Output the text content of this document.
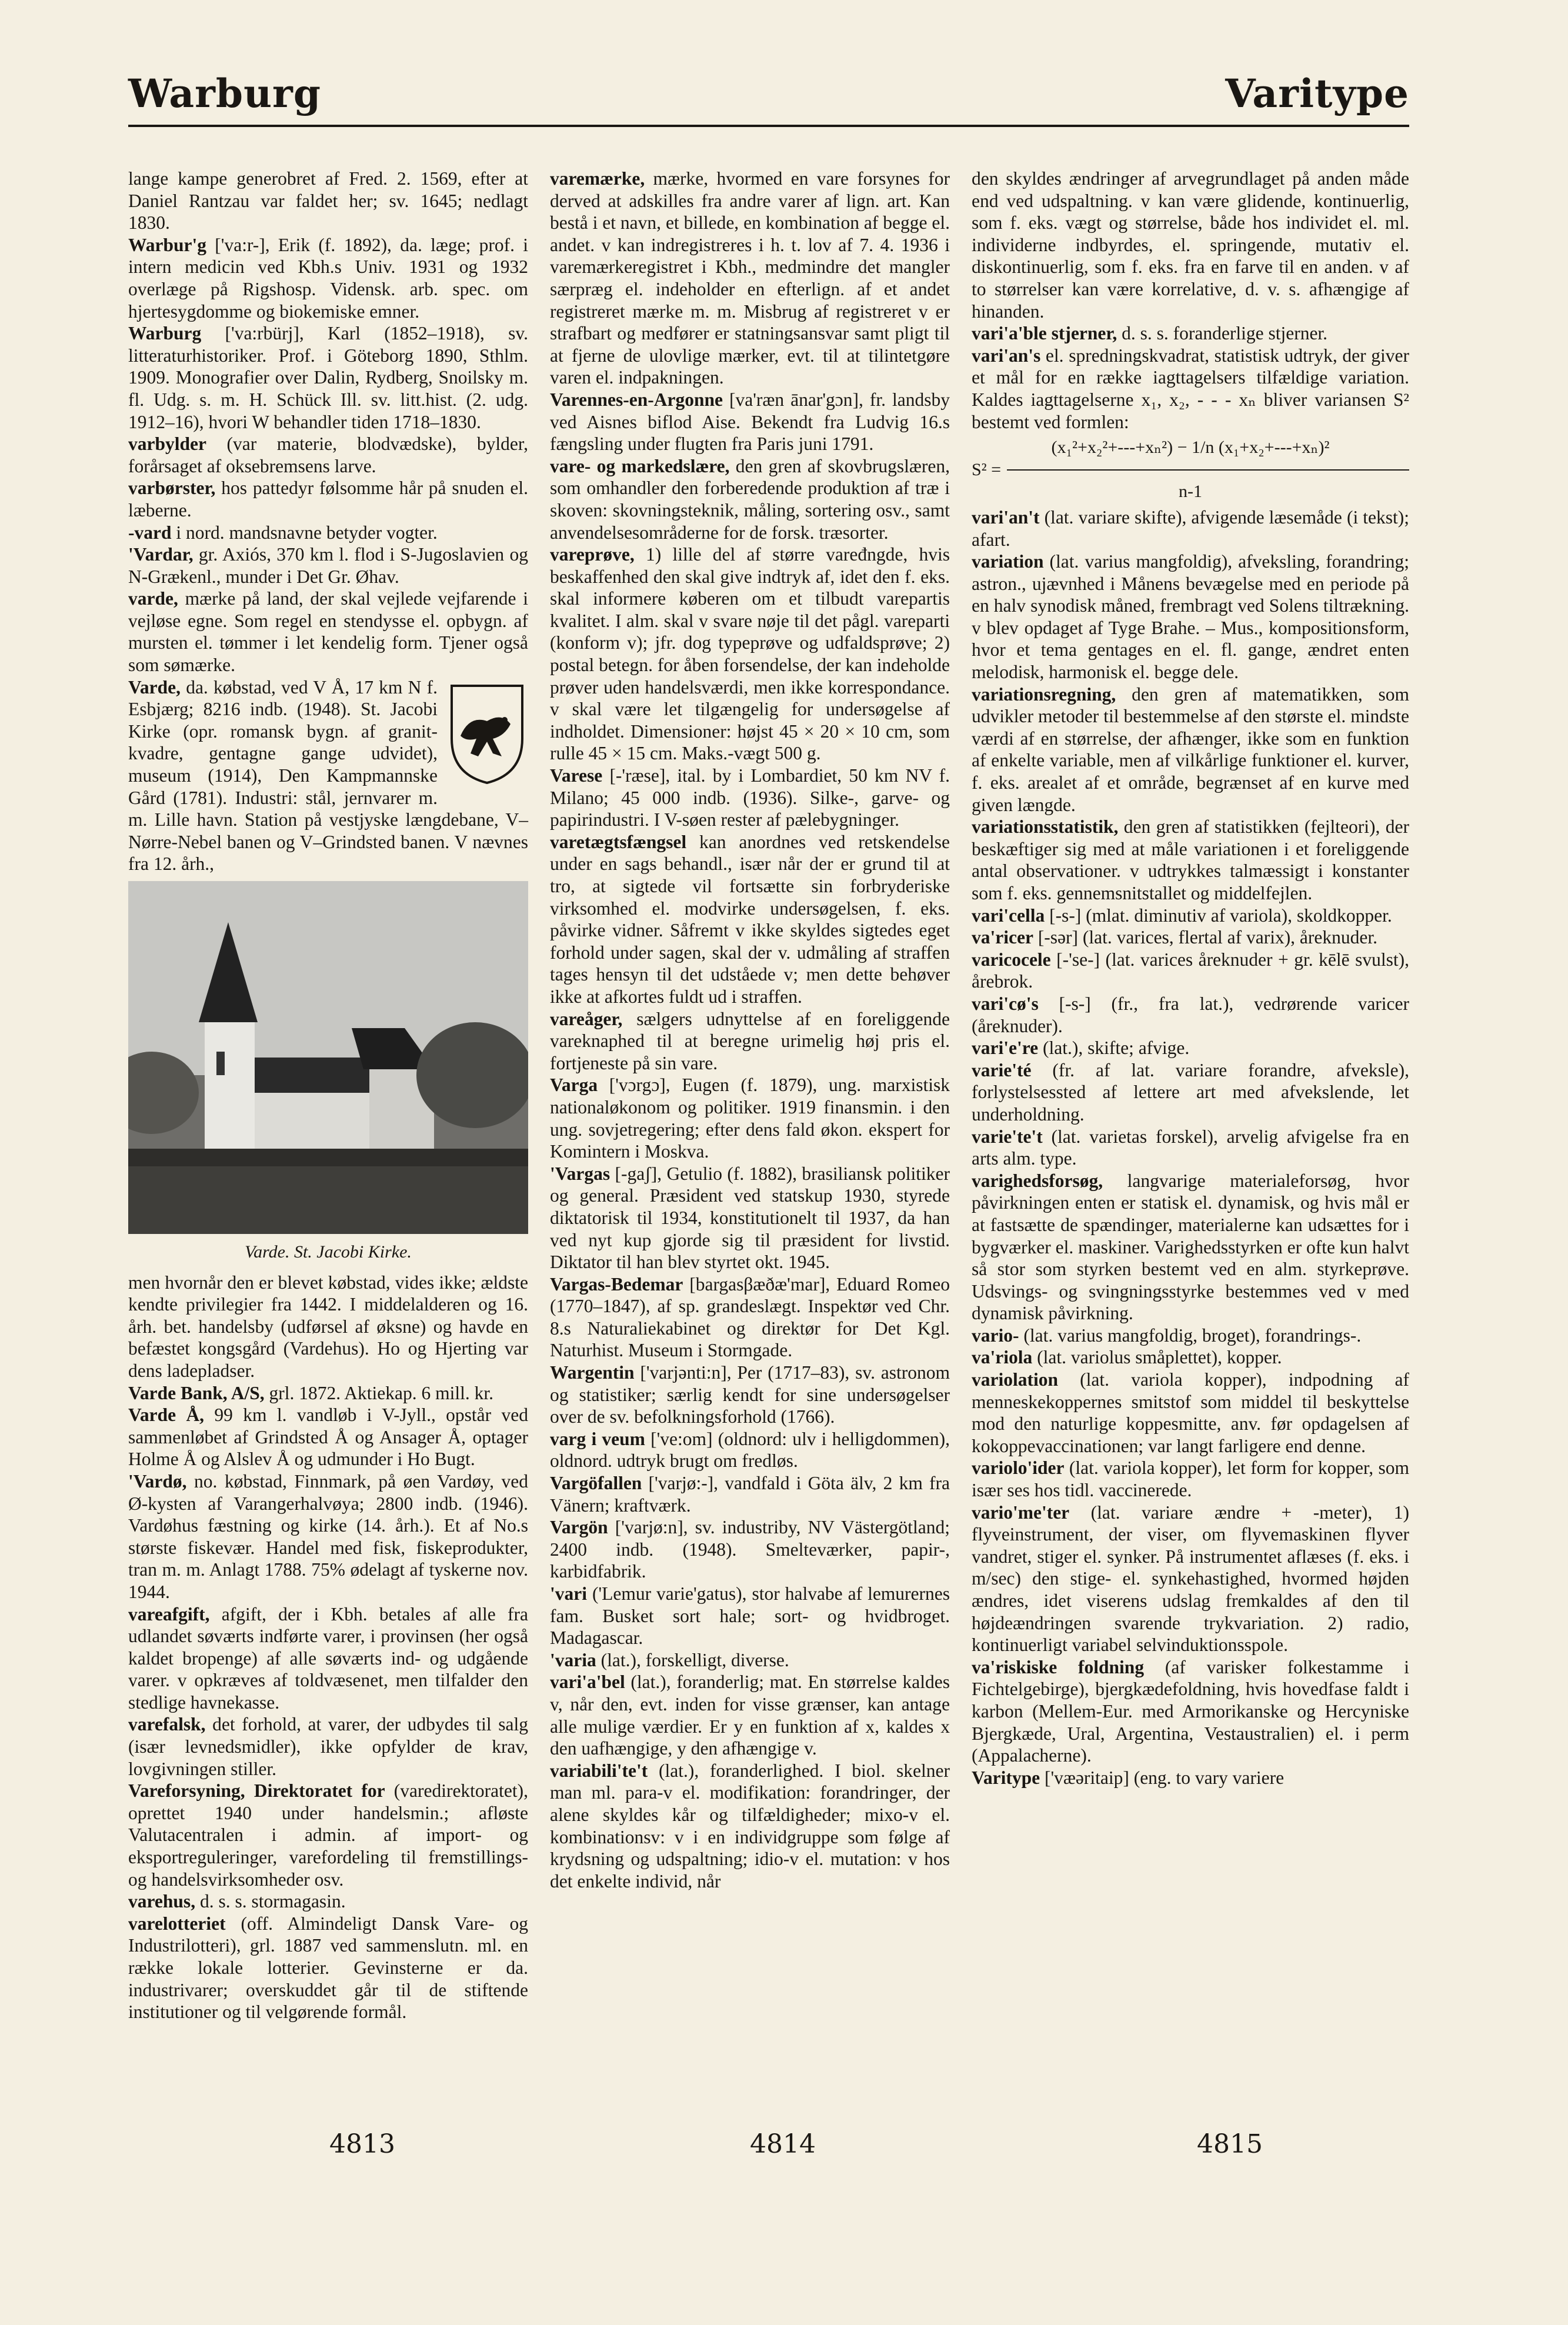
Warburg	Varitype
lange kampe generobret af Fred. 2. 1569, efter at Daniel Rantzau var faldet her; sv. 1645; nedlagt 1830.
Warbur'g ['va:r-], Erik (f. 1892), da. læge; prof. i intern medicin ved Kbh.s Univ. 1931 og 1932 overlæge på Rigshosp. Vidensk. arb. spec. om hjertesygdomme og biokemiske emner.
Warburg ['va:rbürj], Karl (1852–1918), sv. litteraturhistoriker. Prof. i Göteborg 1890, Sthlm. 1909. Monografier over Dalin, Rydberg, Snoilsky m. fl. Udg. s. m. H. Schück Ill. sv. litt.hist. (2. udg. 1912–16), hvori W behandler tiden 1718–1830.
varbylder (var materie, blodvædske), bylder, forårsaget af oksebremsens larve.
varbørster, hos pattedyr følsomme hår på snuden el. læberne.
-vard i nord. mandsnavne betyder vogter.
'Vardar, gr. Axiós, 370 km l. flod i S-Jugoslavien og N-Grækenl., munder i Det Gr. Øhav.
varde, mærke på land, der skal vejlede vejfarende i vejløse egne. Som regel en stendysse el. opbygn. af mursten el. tømmer i let kendelig form. Tjener også som sømærke.
Varde, da. købstad, ved V Å, 17 km N f. Esbjærg; 8216 indb. (1948). St. Jacobi Kirke (opr. romansk bygn. af granit-kvadre, gentagne gange udvidet), museum (1914), Den Kampmannske Gård (1781). Industri: stål, jernvarer m. m. Lille havn. Station på vestjyske længdebane, V–Nørre-Nebel banen og V–Grindsted banen. V nævnes fra 12. årh.,
Varde. St. Jacobi Kirke.
men hvornår den er blevet købstad, vides ikke; ældste kendte privilegier fra 1442. I middelalderen og 16. årh. bet. handelsby (udførsel af øksne) og havde en befæstet kongsgård (Vardehus). Ho og Hjerting var dens ladepladser.
Varde Bank, A/S, grl. 1872. Aktiekap. 6 mill. kr.
Varde Å, 99 km l. vandløb i V-Jyll., opstår ved sammenløbet af Grindsted Å og Ansager Å, optager Holme Å og Alslev Å og udmunder i Ho Bugt.
'Vardø, no. købstad, Finnmark, på øen Vardøy, ved Ø-kysten af Varangerhalvøya; 2800 indb. (1946). Vardøhus fæstning og kirke (14. årh.). Et af No.s største fiskevær. Handel med fisk, fiskeprodukter, tran m. m. Anlagt 1788. 75% ødelagt af tyskerne nov. 1944.
vareafgift, afgift, der i Kbh. betales af alle fra udlandet søværts indførte varer, i provinsen (her også kaldet bropenge) af alle søværts ind- og udgående varer. v opkræves af toldvæsenet, men tilfalder den stedlige havnekasse.
varefalsk, det forhold, at varer, der udbydes til salg (især levnedsmidler), ikke opfylder de krav, lovgivningen stiller.
Vareforsyning, Direktoratet for (varedirektoratet), oprettet 1940 under handelsmin.; afløste Valutacentralen i admin. af import- og eksportreguleringer, varefordeling til fremstillings- og handelsvirksomheder osv.
varehus, d. s. s. stormagasin.
varelotteriet (off. Almindeligt Dansk Vare- og Industrilotteri), grl. 1887 ved sammenslutn. ml. en række lokale lotterier. Gevinsterne er da. industrivarer; overskuddet går til de stiftende institutioner og til velgørende formål.
varemærke, mærke, hvormed en vare forsynes for derved at adskilles fra andre varer af lign. art. Kan bestå i et navn, et billede, en kombination af begge el. andet. v kan indregistreres i h. t. lov af 7. 4. 1936 i varemærkeregistret i Kbh., medmindre det mangler særpræg el. indeholder en efterlign. af et andet registreret mærke m. m. Misbrug af registreret v er strafbart og medfører er statningsansvar samt pligt til at fjerne de ulovlige mærker, evt. til at tilintetgøre varen el. indpakningen.
Varennes-en-Argonne [va'ræn ānar'gɔn], fr. landsby ved Aisnes biflod Aise. Bekendt fra Ludvig 16.s fængsling under flugten fra Paris juni 1791.
vare- og markedslære, den gren af skovbrugslæren, som omhandler den forberedende produktion af træ i skoven: skovningsteknik, måling, sortering osv., samt anvendelsesområderne for de forsk. træsorter.
vareprøve, 1) lille del af større vaređngde, hvis beskaffenhed den skal give indtryk af, idet den f. eks. skal informere køberen om et tilbudt varepartis kvalitet. I alm. skal v svare nøje til det pågl. vareparti (konform v); jfr. dog typeprøve og udfaldsprøve; 2) postal betegn. for åben forsendelse, der kan indeholde prøver uden handelsværdi, men ikke korrespondance. v skal være let tilgængelig for undersøgelse af indholdet. Dimensioner: højst 45 × 20 × 10 cm, som rulle 45 × 15 cm. Maks.-vægt 500 g.
Varese [-'ræse], ital. by i Lombardiet, 50 km NV f. Milano; 45 000 indb. (1936). Silke-, garve- og papirindustri. I V-søen rester af pælebygninger.
varetægtsfængsel kan anordnes ved retskendelse under en sags behandl., især når der er grund til at tro, at sigtede vil fortsætte sin forbryderiske virksomhed el. modvirke undersøgelsen, f. eks. påvirke vidner. Såfremt v ikke skyldes sigtedes eget forhold under sagen, skal der v. udmåling af straffen tages hensyn til det udståede v; men dette behøver ikke at afkortes fuldt ud i straffen.
vareåger, sælgers udnyttelse af en foreliggende vareknaphed til at beregne urimelig høj pris el. fortjeneste på sin vare.
Varga ['vɔrgɔ], Eugen (f. 1879), ung. marxistisk nationaløkonom og politiker. 1919 finansmin. i den ung. sovjetregering; efter dens fald økon. ekspert for Komintern i Moskva.
'Vargas [-gaʃ], Getulio (f. 1882), brasiliansk politiker og general. Præsident ved statskup 1930, styrede diktatorisk til 1934, konstitutionelt til 1937, da han ved nyt kup gjorde sig til præsident for livstid. Diktator til han blev styrtet okt. 1945.
Vargas-Bedemar [bargasβæðæ'mar], Eduard Romeo (1770–1847), af sp. grandeslægt. Inspektør ved Chr. 8.s Naturaliekabinet og direktør for Det Kgl. Naturhist. Museum i Stormgade.
Wargentin ['varjənti:n], Per (1717–83), sv. astronom og statistiker; særlig kendt for sine undersøgelser over de sv. befolkningsforhold (1766).
varg i veum ['ve:om] (oldnord: ulv i helligdommen), oldnord. udtryk brugt om fredløs.
Vargöfallen ['varjø:-], vandfald i Göta älv, 2 km fra Vänern; kraftværk.
Vargön ['varjø:n], sv. industriby, NV Västergötland; 2400 indb. (1948). Smelteværker, papir-, karbidfabrik.
'vari ('Lemur varie'gatus), stor halvabe af lemurernes fam. Busket sort hale; sort- og hvidbroget. Madagascar.
'varia (lat.), forskelligt, diverse.
vari'a'bel (lat.), foranderlig; mat. En størrelse kaldes v, når den, evt. inden for visse grænser, kan antage alle mulige værdier. Er y en funktion af x, kaldes x den uafhængige, y den afhængige v.
variabili'te't (lat.), foranderlighed. I biol. skelner man ml. para-v el. modifikation: forandringer, der alene skyldes kår og tilfældigheder; mixo-v el. kombinationsv: v i en individgruppe som følge af krydsning og udspaltning; idio-v el. mutation: v hos det enkelte individ, når
den skyldes ændringer af arvegrundlaget på anden måde end ved udspaltning. v kan være glidende, kontinuerlig, som f. eks. vægt og størrelse, både hos individet el. ml. individerne indbyrdes, el. springende, mutativ el. diskontinuerlig, som f. eks. fra en farve til en anden. v af to størrelser kan være korrelative, d. v. s. afhængige af hinanden.
vari'a'ble stjerner, d. s. s. foranderlige stjerner.
vari'an's el. spredningskvadrat, statistisk udtryk, der giver et mål for en række iagttagelsers tilfældige variation. Kaldes iagttagelserne x₁, x₂, - - - xₙ bliver variansen S² bestemt ved formlen:
(x₁²+x₂²+---+xₙ²) − 1/n (x₁+x₂+---+xₙ)²
S² =
n-1
vari'an't (lat. variare skifte), afvigende læsemåde (i tekst); afart.
variation (lat. varius mangfoldig), afveksling, forandring; astron., ujævnhed i Månens bevægelse med en periode på en halv synodisk måned, frembragt ved Solens tiltrækning. v blev opdaget af Tyge Brahe. – Mus., kompositionsform, hvor et tema gentages en el. fl. gange, ændret enten melodisk, harmonisk el. begge dele.
variationsregning, den gren af matematikken, som udvikler metoder til bestemmelse af den største el. mindste værdi af en størrelse, der afhænger, ikke som en funktion af enkelte variable, men af vilkårlige funktioner el. kurver, f. eks. arealet af et område, begrænset af en kurve med given længde.
variationsstatistik, den gren af statistikken (fejlteori), der beskæftiger sig med at måle variationen i et foreliggende antal observationer. v udtrykkes talmæssigt i konstanter som f. eks. gennemsnitstallet og middelfejlen.
vari'cella [-s-] (mlat. diminutiv af variola), skoldkopper.
va'ricer [-sər] (lat. varices, flertal af varix), åreknuder.
varicocele [-'se-] (lat. varices åreknuder + gr. kēlē svulst), årebrok.
vari'cø's [-s-] (fr., fra lat.), vedrørende varicer (åreknuder).
vari'e're (lat.), skifte; afvige.
varie'té (fr. af lat. variare forandre, afveksle), forlystelsessted af lettere art med afvekslende, let underholdning.
varie'te't (lat. varietas forskel), arvelig afvigelse fra en arts alm. type.
varighedsforsøg, langvarige materialeforsøg, hvor påvirkningen enten er statisk el. dynamisk, og hvis mål er at fastsætte de spændinger, materialerne kan udsættes for i bygværker el. maskiner. Varighedsstyrken er ofte kun halvt så stor som styrken bestemt ved en alm. styrkeprøve. Udsvings- og svingningsstyrke bestemmes ved v med dynamisk påvirkning.
vario- (lat. varius mangfoldig, broget), forandrings-.
va'riola (lat. variolus småplettet), kopper.
variolation (lat. variola kopper), indpodning af menneskekoppernes smitstof som middel til beskyttelse mod den naturlige koppesmitte, anv. før opdagelsen af kokoppevaccinationen; var langt farligere end denne.
variolo'ider (lat. variola kopper), let form for kopper, som især ses hos tidl. vaccinerede.
vario'me'ter (lat. variare ændre + -meter), 1) flyveinstrument, der viser, om flyvemaskinen flyver vandret, stiger el. synker. På instrumentet aflæses (f. eks. i m/sec) den stige- el. synkehastighed, hvormed højden ændres, idet viserens udslag fremkaldes af den til højdeændringen svarende trykvariation. 2) radio, kontinuerligt variabel selvinduktionsspole.
va'riskiske foldning (af varisker folkestamme i Fichtelgebirge), bjergkædefoldning, hvis hovedfase faldt i karbon (Mellem-Eur. med Armorikanske og Hercyniske Bjergkæde, Ural, Argentina, Vestaustralien) el. i perm (Appalacherne).
Varitype ['væəritaip] (eng. to vary variere
4813	4814	4815
